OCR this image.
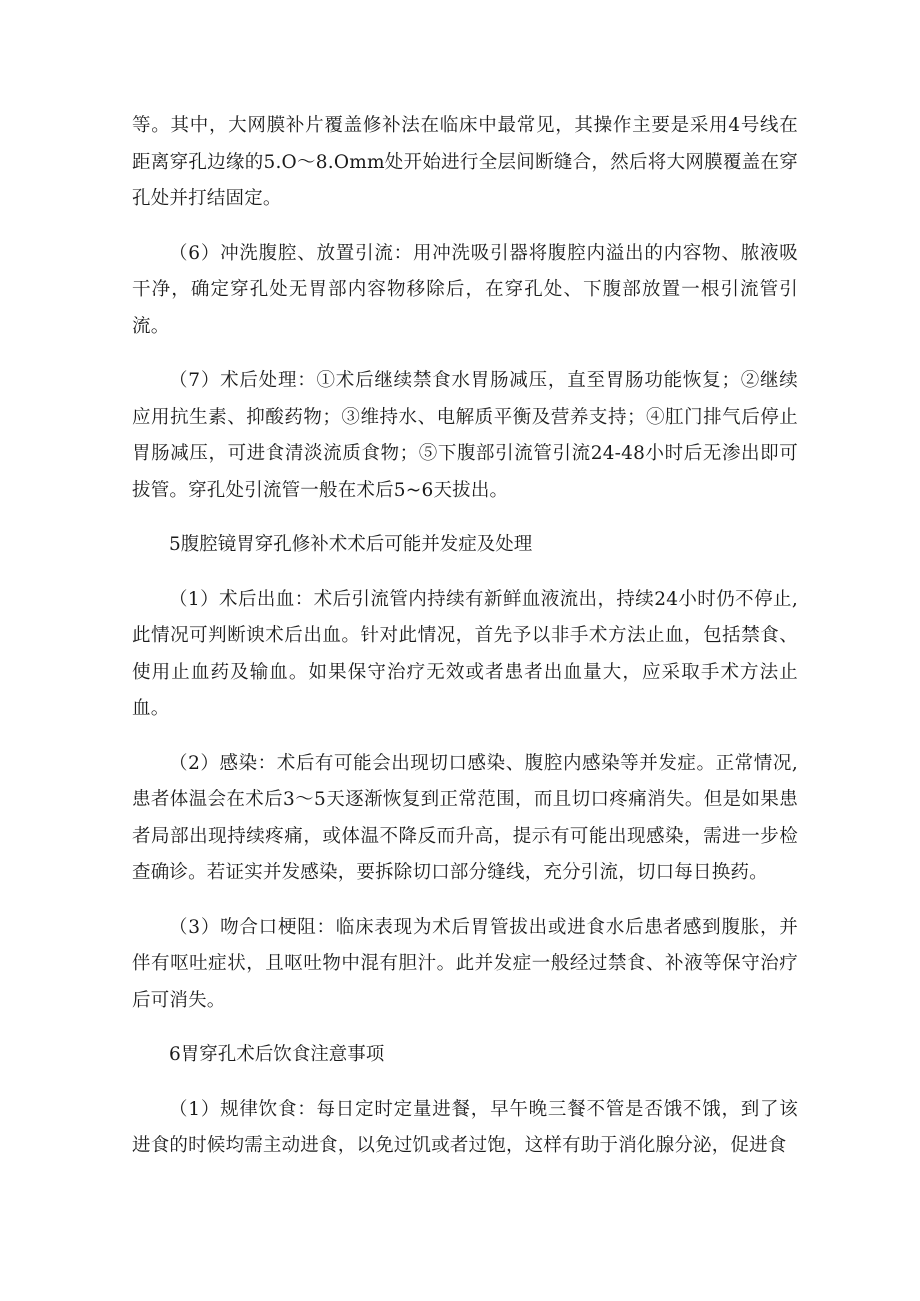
等。其中，大网膜补片覆盖修补法在临床中最常见，其操作主要是采用4号线在距离穿孔边缘的5.O～8.Omm处开始进行全层间断缝合，然后将大网膜覆盖在穿孔处并打结固定。

（6）冲洗腹腔、放置引流：用冲洗吸引器将腹腔内溢出的内容物、脓液吸干净，确定穿孔处无胃部内容物移除后，在穿孔处、下腹部放置一根引流管引流。

（7）术后处理：①术后继续禁食水胃肠减压，直至胃肠功能恢复；②继续应用抗生素、抑酸药物；③维持水、电解质平衡及营养支持；④肛门排气后停止胃肠减压，可进食清淡流质食物；⑤下腹部引流管引流24-48小时后无渗出即可拔管。穿孔处引流管一般在术后5~6天拔出。

5腹腔镜胃穿孔修补术术后可能并发症及处理

（1）术后出血：术后引流管内持续有新鲜血液流出，持续24小时仍不停止,此情况可判断谀术后出血。针对此情况，首先予以非手术方法止血，包括禁食、使用止血药及输血。如果保守治疗无效或者患者出血量大，应采取手术方法止血。

（2）感染：术后有可能会出现切口感染、腹腔内感染等并发症。正常情况,患者体温会在术后3～5天逐渐恢复到正常范围，而且切口疼痛消失。但是如果患者局部出现持续疼痛，或体温不降反而升高，提示有可能出现感染，需进一步检查确诊。若证实并发感染，要拆除切口部分缝线，充分引流，切口每日换药。

（3）吻合口梗阻：临床表现为术后胃管拔出或进食水后患者感到腹胀，并伴有呕吐症状，且呕吐物中混有胆汁。此并发症一般经过禁食、补液等保守治疗后可消失。

6胃穿孔术后饮食注意事项

（1）规律饮食：每日定时定量进餐，早午晚三餐不管是否饿不饿，到了该进食的时候均需主动进食，以免过饥或者过饱，这样有助于消化腺分泌，促进食
